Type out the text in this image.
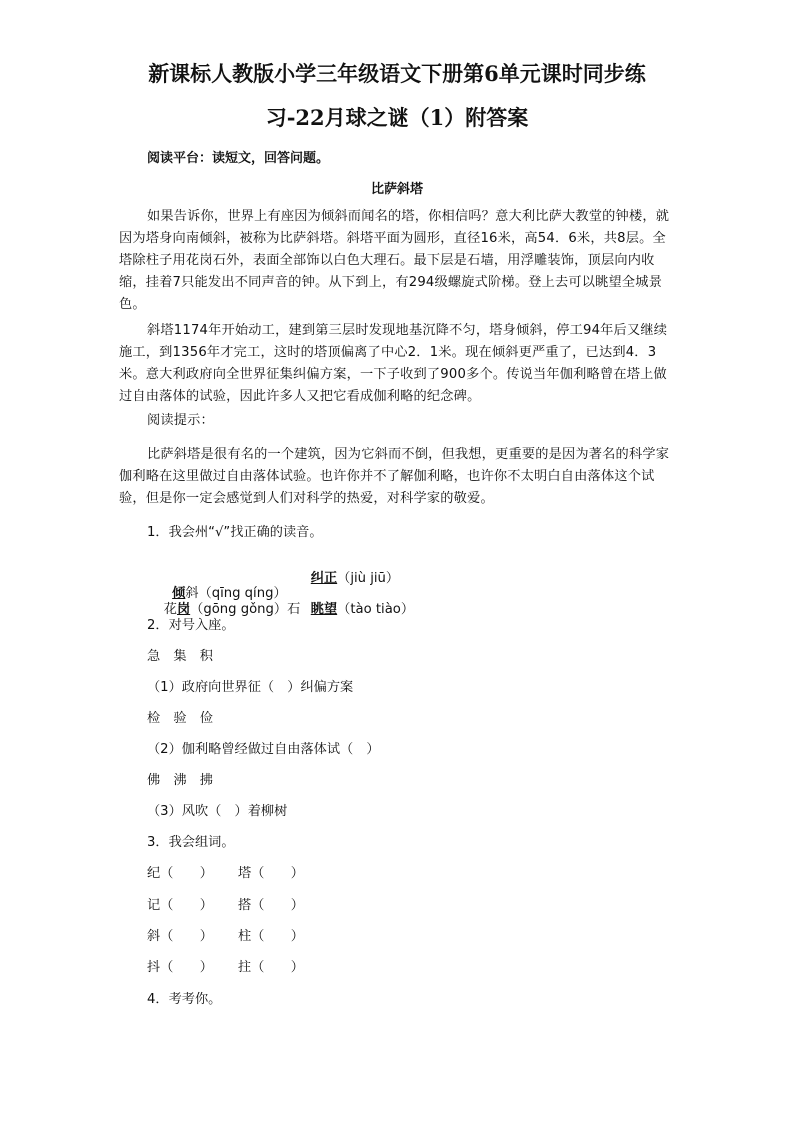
新课标人教版小学三年级语文下册第6单元课时同步练
习-22月球之谜（1）附答案
阅读平台：读短文，回答问题。
比萨斜塔
如果告诉你，世界上有座因为倾斜而闻名的塔，你相信吗？意大利比萨大教堂的钟楼，就因为塔身向南倾斜，被称为比萨斜塔。斜塔平面为圆形，直径16米，高54．6米，共8层。全塔除柱子用花岗石外，表面全部饰以白色大理石。最下层是石墙，用浮雕装饰，顶层向内收缩，挂着7只能发出不同声音的钟。从下到上，有294级螺旋式阶梯。登上去可以眺望全城景色。
斜塔1174年开始动工，建到第三层时发现地基沉降不匀，塔身倾斜，停工94年后又继续施工，到1356年才完工，这时的塔顶偏离了中心2．1米。现在倾斜更严重了，已达到4．3米。意大利政府向全世界征集纠偏方案，一下子收到了900多个。传说当年伽利略曾在塔上做过自由落体的试验，因此许多人又把它看成伽利略的纪念碑。
阅读提示：
比萨斜塔是很有名的一个建筑，因为它斜而不倒，但我想，更重要的是因为著名的科学家伽利略在这里做过自由落体试验。也许你并不了解伽利略，也许你不太明白自由落体这个试验，但是你一定会感觉到人们对科学的热爱，对科学家的敬爱。
1．我会州“√”找正确的读音。

倾斜（qīng qíng）

纠正（jiù jiū）

花岗（gōng gǒng）石
眺望（tào tiào）

2．对号入座。
急　集　积
（1）政府向世界征（　）纠偏方案
检　验　俭
（2）伽利略曾经做过自由落体试（　）
佛　沸　拂
（3）风吹（　）着柳树
3．我会组词。
纪（　　） 塔（　　）
记（　　） 搭（　　）
斜（　　） 柱（　　）
抖（　　） 拄（　　）
4．考考你。
